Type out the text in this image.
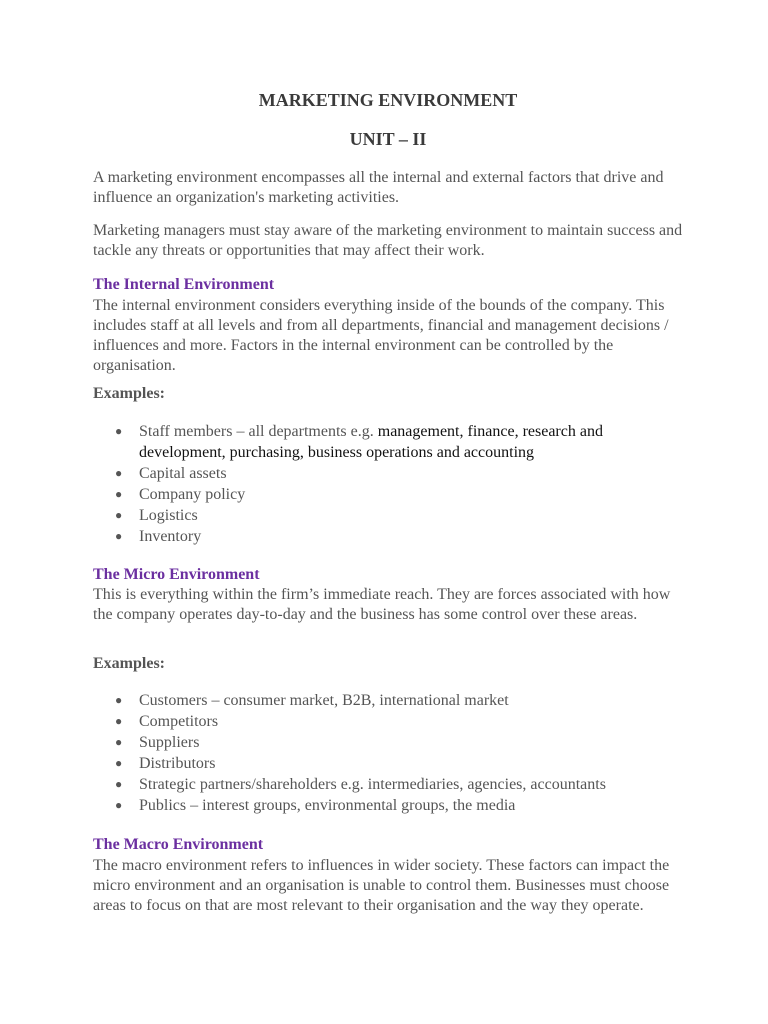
MARKETING ENVIRONMENT
UNIT – II

A marketing environment encompasses all the internal and external factors that drive and influence an organization's marketing activities.

Marketing managers must stay aware of the marketing environment to maintain success and tackle any threats or opportunities that may affect their work.

The Internal Environment

The internal environment considers everything inside of the bounds of the company. This includes staff at all levels and from all departments, financial and management decisions / influences and more. Factors in the internal environment can be controlled by the organisation.

Examples:

● Staff members – all departments e.g. management, finance, research and development, purchasing, business operations and accounting
● Capital assets
● Company policy
● Logistics
● Inventory
The Micro Environment

This is everything within the firm’s immediate reach. They are forces associated with how the company operates day-to-day and the business has some control over these areas.

Examples:

● Customers – consumer market, B2B, international market
● Competitors
● Suppliers
● Distributors
● Strategic partners/shareholders e.g. intermediaries, agencies, accountants
● Publics – interest groups, environmental groups, the media
The Macro Environment

The macro environment refers to influences in wider society. These factors can impact the micro environment and an organisation is unable to control them. Businesses must choose areas to focus on that are most relevant to their organisation and the way they operate.
